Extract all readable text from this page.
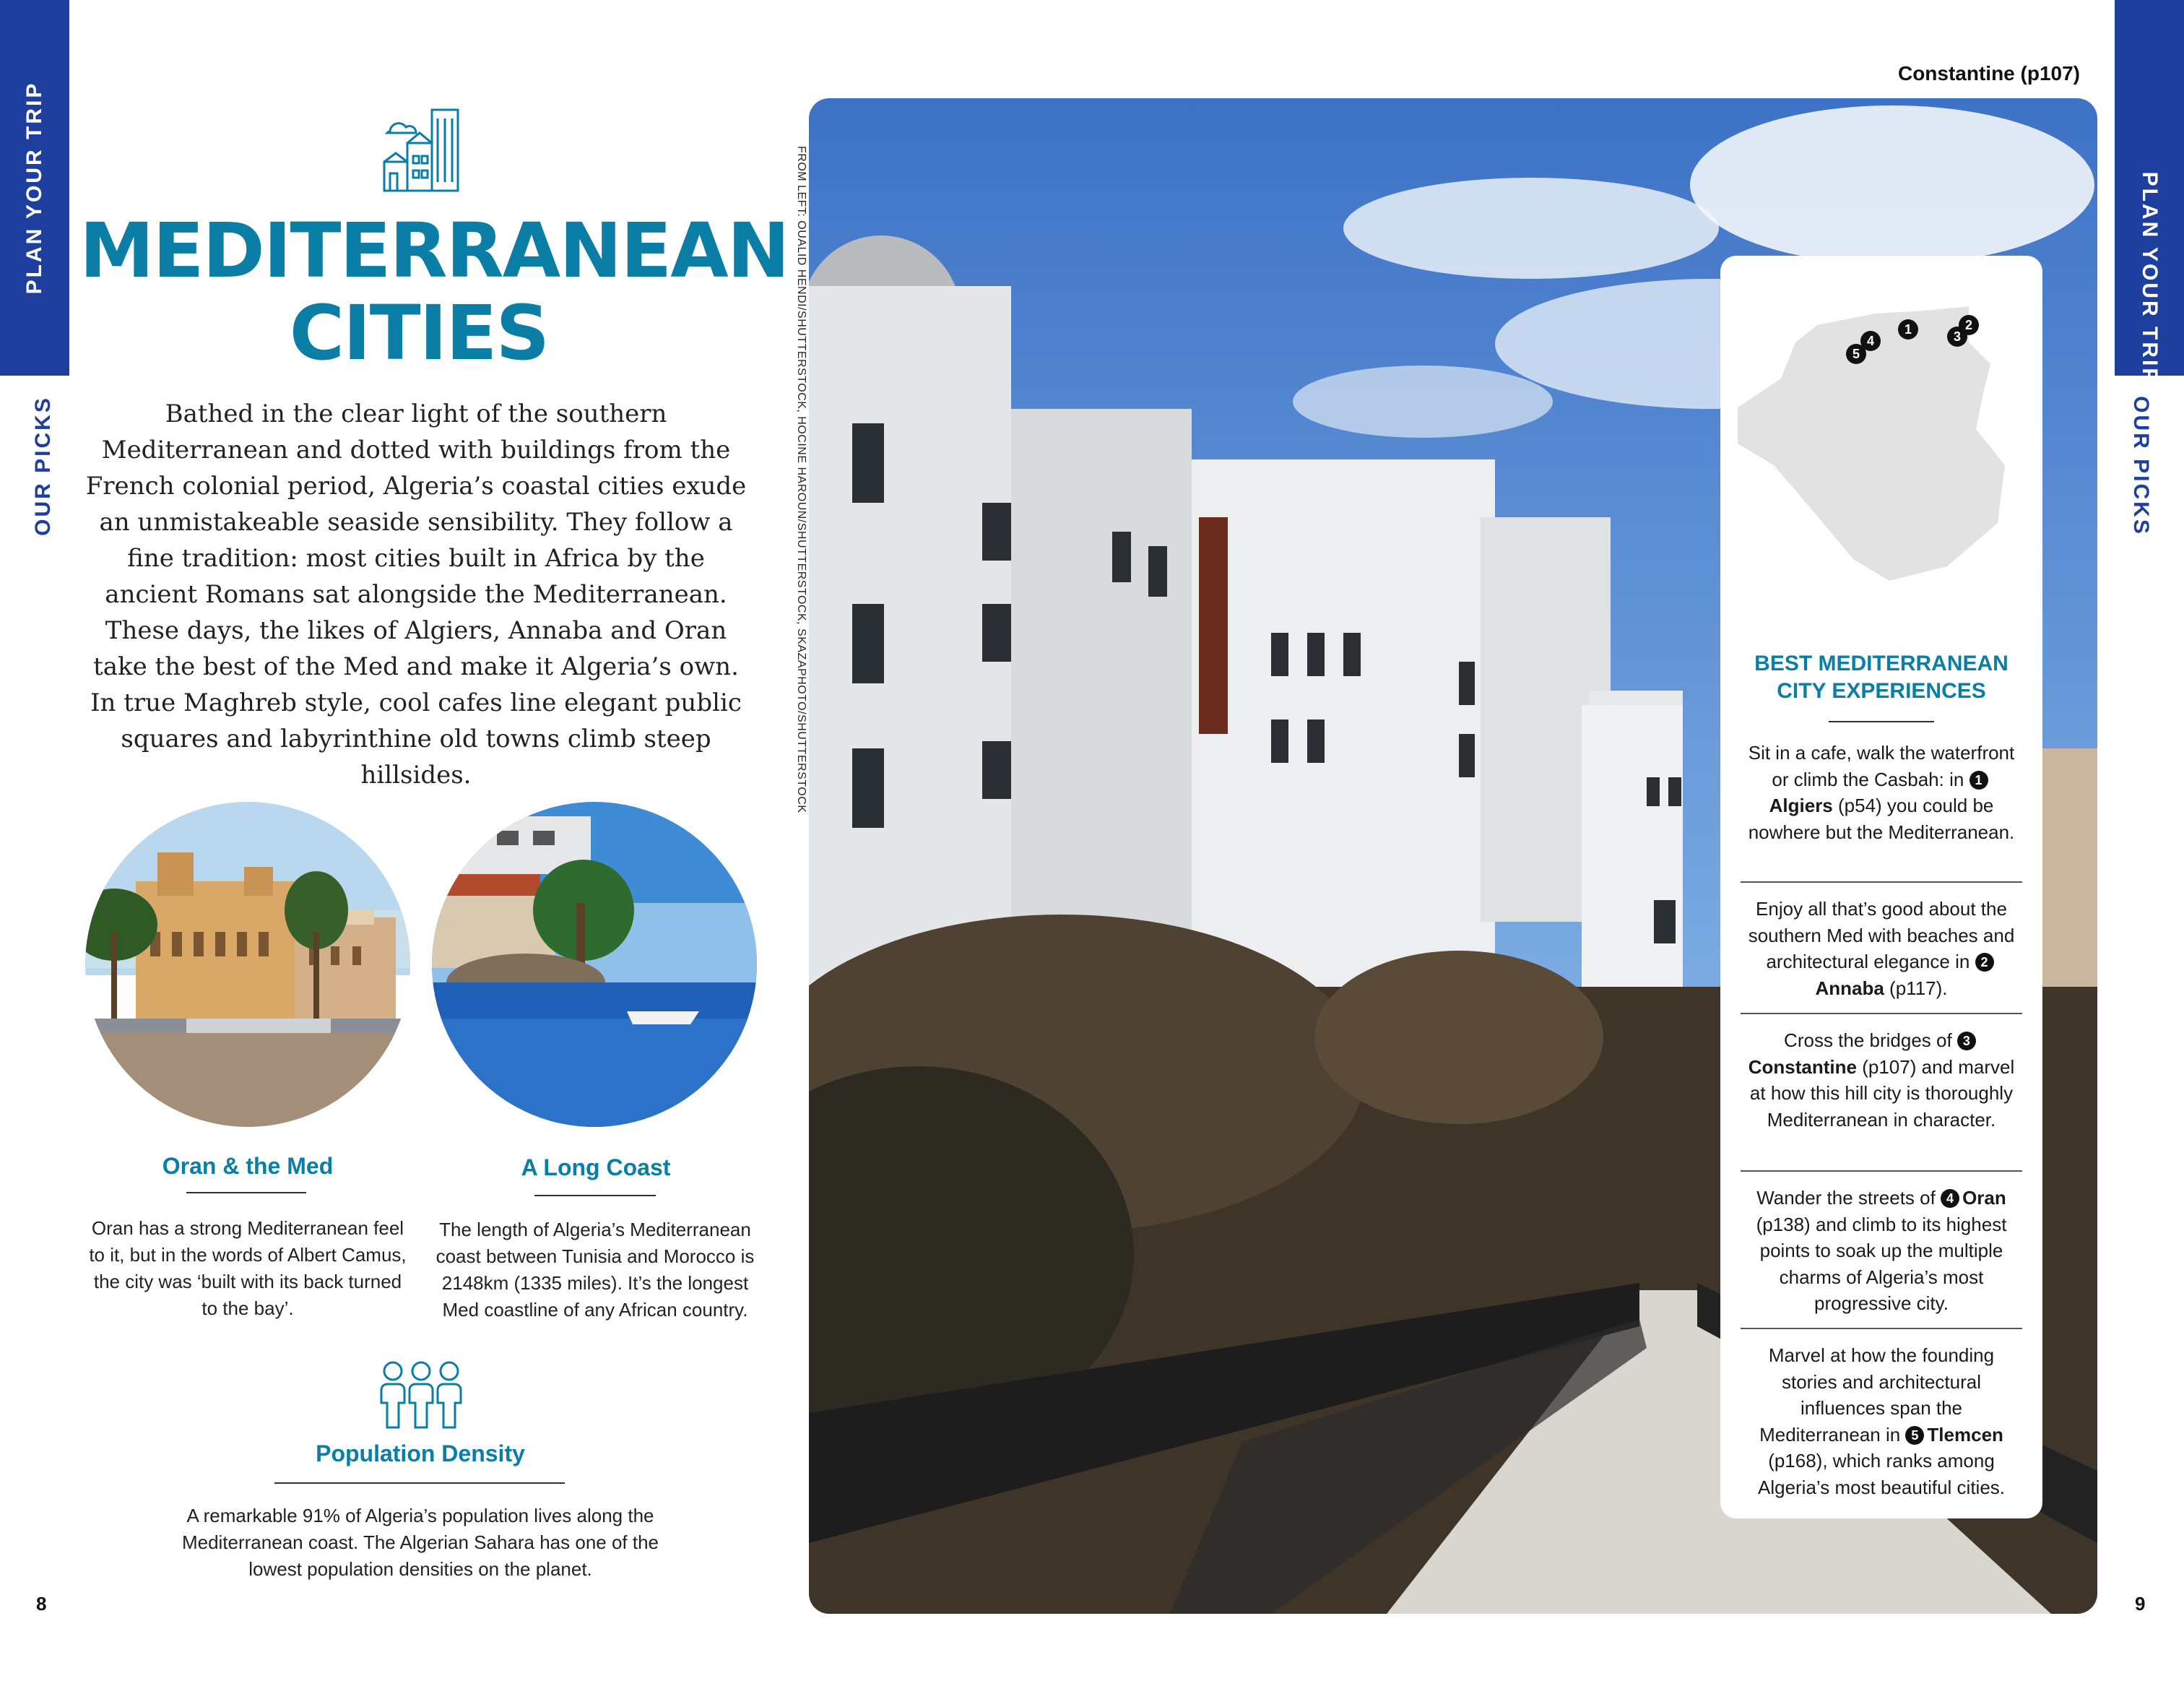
PLAN YOUR TRIP
OUR PICKS
PLAN YOUR TRIP
OUR PICKS
MEDITERRANEAN
CITIES
Bathed in the clear light of the southern Mediterranean and dotted with buildings from the French colonial period, Algeria’s coastal cities exude an unmistakeable seaside sensibility. They follow a fine tradition: most cities built in Africa by the ancient Romans sat alongside the Mediterranean. These days, the likes of Algiers, Annaba and Oran take the best of the Med and make it Algeria’s own. In true Maghreb style, cool cafes line elegant public squares and labyrinthine old towns climb steep hillsides.
Oran & the Med
Oran has a strong Mediterranean feel to it, but in the words of Albert Camus, the city was ‘built with its back turned to the bay’.
A Long Coast
The length of Algeria’s Mediterranean coast between Tunisia and Morocco is 2148km (1335 miles). It’s the longest Med coastline of any African country.
Population Density
A remarkable 91% of Algeria’s population lives along the Mediterranean coast. The Algerian Sahara has one of the lowest population densities on the planet.
8
FROM LEFT: OUALID HENDI/SHUTTERSTOCK, HOCINE HAROUN/SHUTTERSTOCK, SKAZAPHOTO/SHUTTERSTOCK
Constantine (p107)
1	2
3
4
5
BEST MEDITERRANEAN CITY EXPERIENCES
Sit in a cafe, walk the waterfront or climb the Casbah: in 1Algiers (p54) you could be nowhere but the Mediterranean.
Enjoy all that’s good about the southern Med with beaches and architectural elegance in 2Annaba (p117).
Cross the bridges of 3Constantine (p107) and marvel at how this hill city is thoroughly Mediterranean in character.
Wander the streets of 4 Oran (p138) and climb to its highest points to soak up the multiple charms of Algeria’s most progressive city.
Marvel at how the founding stories and architectural influences span the Mediterranean in 5 Tlemcen (p168), which ranks among Algeria’s most beautiful cities.
9
